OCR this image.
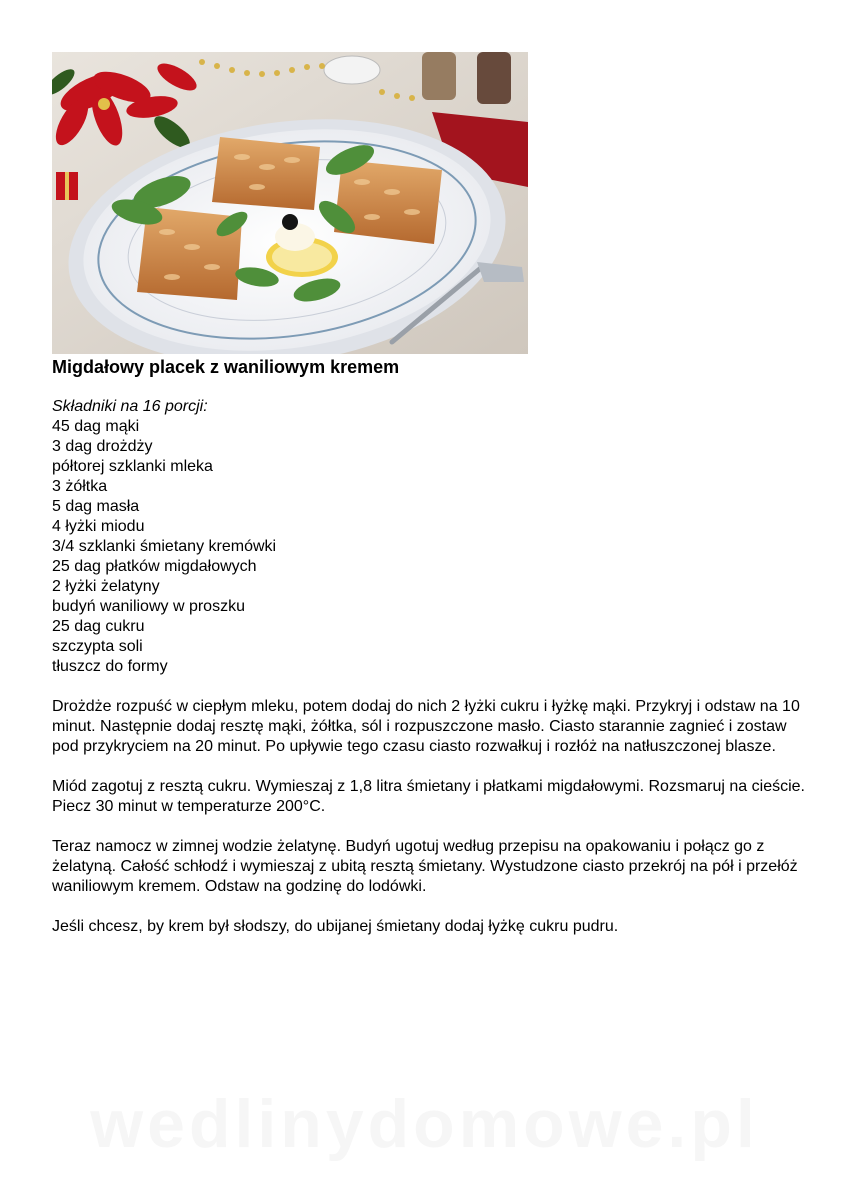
Migdałowy placek z waniliowym kremem
Składniki na 16 porcji:
45 dag mąki
3 dag drożdży
półtorej szklanki mleka
3 żółtka
5 dag masła
4 łyżki miodu
3/4 szklanki śmietany kremówki
25 dag płatków migdałowych
2 łyżki żelatyny
budyń waniliowy w proszku
25 dag cukru
szczypta soli
tłuszcz do formy

Drożdże rozpuść w ciepłym mleku, potem dodaj do nich 2 łyżki cukru i łyżkę mąki. Przykryj i odstaw na 10 minut. Następnie dodaj resztę mąki, żółtka, sól i rozpuszczone masło. Ciasto starannie zagnieć i zostaw pod przykryciem na 20 minut. Po upływie tego czasu ciasto rozwałkuj i rozłóż na natłuszczonej blasze.

Miód zagotuj z resztą cukru. Wymieszaj z 1,8 litra śmietany i płatkami migdałowymi. Rozsmaruj na cieście. Piecz 30 minut w temperaturze 200°C.

Teraz namocz w zimnej wodzie żelatynę. Budyń ugotuj według przepisu na opakowaniu i połącz go z żelatyną. Całość schłodź i wymieszaj z ubitą resztą śmietany. Wystudzone ciasto przekrój na pół i przełóż waniliowym kremem. Odstaw na godzinę do lodówki.

Jeśli chcesz, by krem był słodszy, do ubijanej śmietany dodaj łyżkę cukru pudru.

wedlinydomowe.pl
